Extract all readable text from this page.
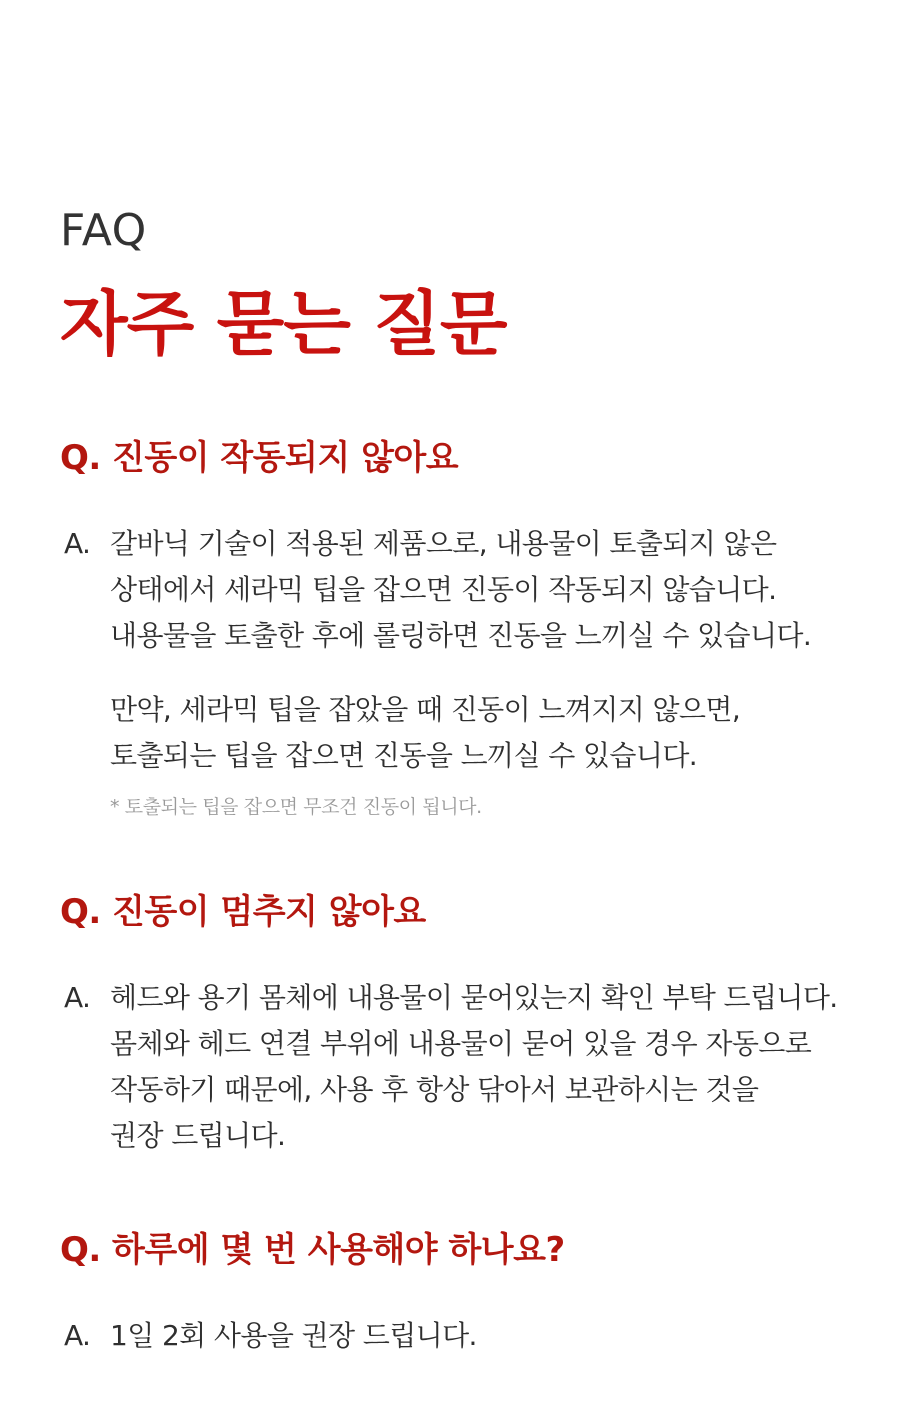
FAQ

자주 묻는 질문
Q. 진동이 작동되지 않아요
A. 갈바닉 기술이 적용된 제품으로, 내용물이 토출되지 않은
상태에서 세라믹 팁을 잡으면 진동이 작동되지 않습니다.
내용물을 토출한 후에 롤링하면 진동을 느끼실 수 있습니다.

만약, 세라믹 팁을 잡았을 때 진동이 느껴지지 않으면,
토출되는 팁을 잡으면 진동을 느끼실 수 있습니다.

* 토출되는 팁을 잡으면 무조건 진동이 됩니다.
Q. 진동이 멈추지 않아요
A. 헤드와 용기 몸체에 내용물이 묻어있는지 확인 부탁 드립니다.
몸체와 헤드 연결 부위에 내용물이 묻어 있을 경우 자동으로
작동하기 때문에, 사용 후 항상 닦아서 보관하시는 것을
권장 드립니다.

Q. 하루에 몇 번 사용해야 하나요?
A. 1일 2회 사용을 권장 드립니다.
